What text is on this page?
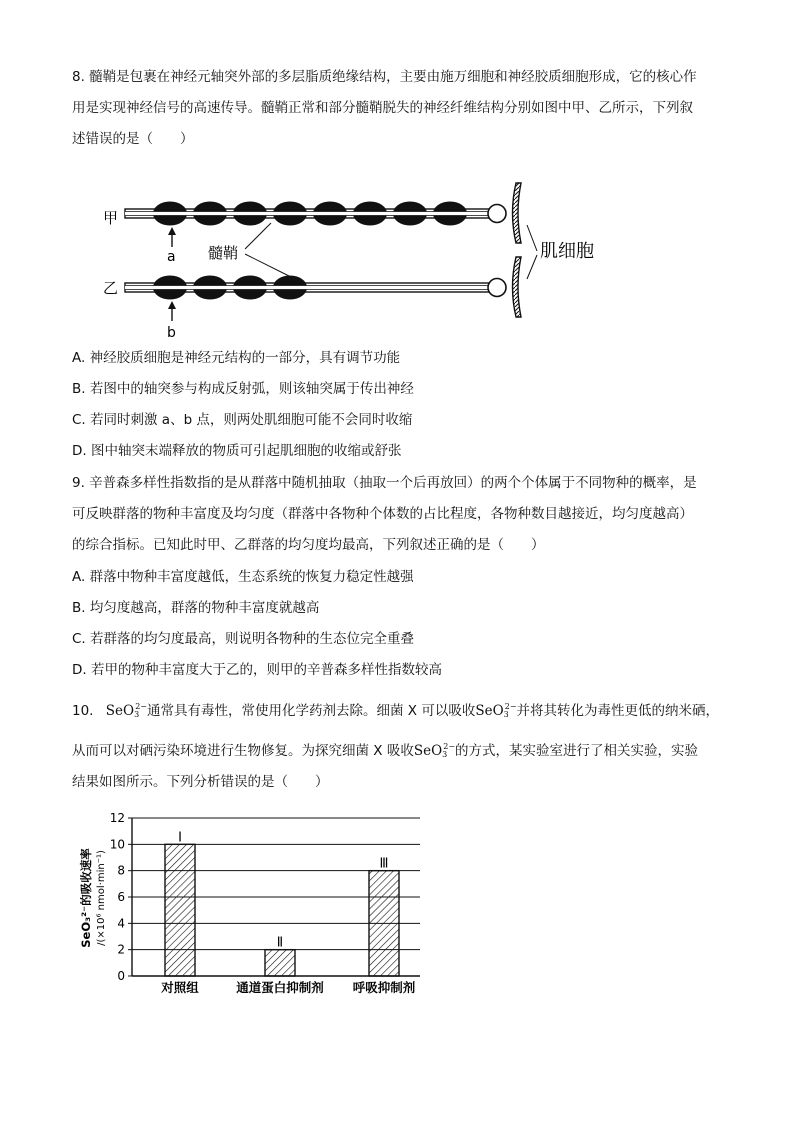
8. 髓鞘是包裹在神经元轴突外部的多层脂质绝缘结构，主要由施万细胞和神经胶质细胞形成，它的核心作
用是实现神经信号的高速传导。髓鞘正常和部分髓鞘脱失的神经纤维结构分别如图中甲、乙所示，下列叙
述错误的是（　　）
甲
a 髓鞘	肌细胞
乙
b
A. 神经胶质细胞是神经元结构的一部分，具有调节功能
B. 若图中的轴突参与构成反射弧，则该轴突属于传出神经
C. 若同时刺激 a、b 点，则两处肌细胞可能不会同时收缩
D. 图中轴突末端释放的物质可引起肌细胞的收缩或舒张
9. 辛普森多样性指数指的是从群落中随机抽取（抽取一个后再放回）的两个个体属于不同物种的概率，是
可反映群落的物种丰富度及均匀度（群落中各物种个体数的占比程度，各物种数目越接近，均匀度越高）
的综合指标。已知此时甲、乙群落的均匀度均最高，下列叙述正确的是（　　）
A. 群落中物种丰富度越低，生态系统的恢复力稳定性越强
B. 均匀度越高，群落的物种丰富度就越高
C. 若群落的均匀度最高，则说明各物种的生态位完全重叠
D. 若甲的物种丰富度大于乙的，则甲的辛普森多样性指数较高
10. SeO$_3^{2-}$通常具有毒性，常使用化学药剂去除。细菌 X 可以吸收SeO$_3^{2-}$并将其转化为毒性更低的纳米硒，
从而可以对硒污染环境进行生物修复。为探究细菌 X 吸收SeO$_3^{2-}$的方式，某实验室进行了相关实验，实验
结果如图所示。下列分析错误的是（　　）
0
2
4
6
8
10
12
Ⅰ
Ⅱ
Ⅲ
对照组	通道蛋白抑制剂 呼吸抑制剂
SeO₃²⁻的吸收速率 /(×10⁶ nmol·min⁻¹)
